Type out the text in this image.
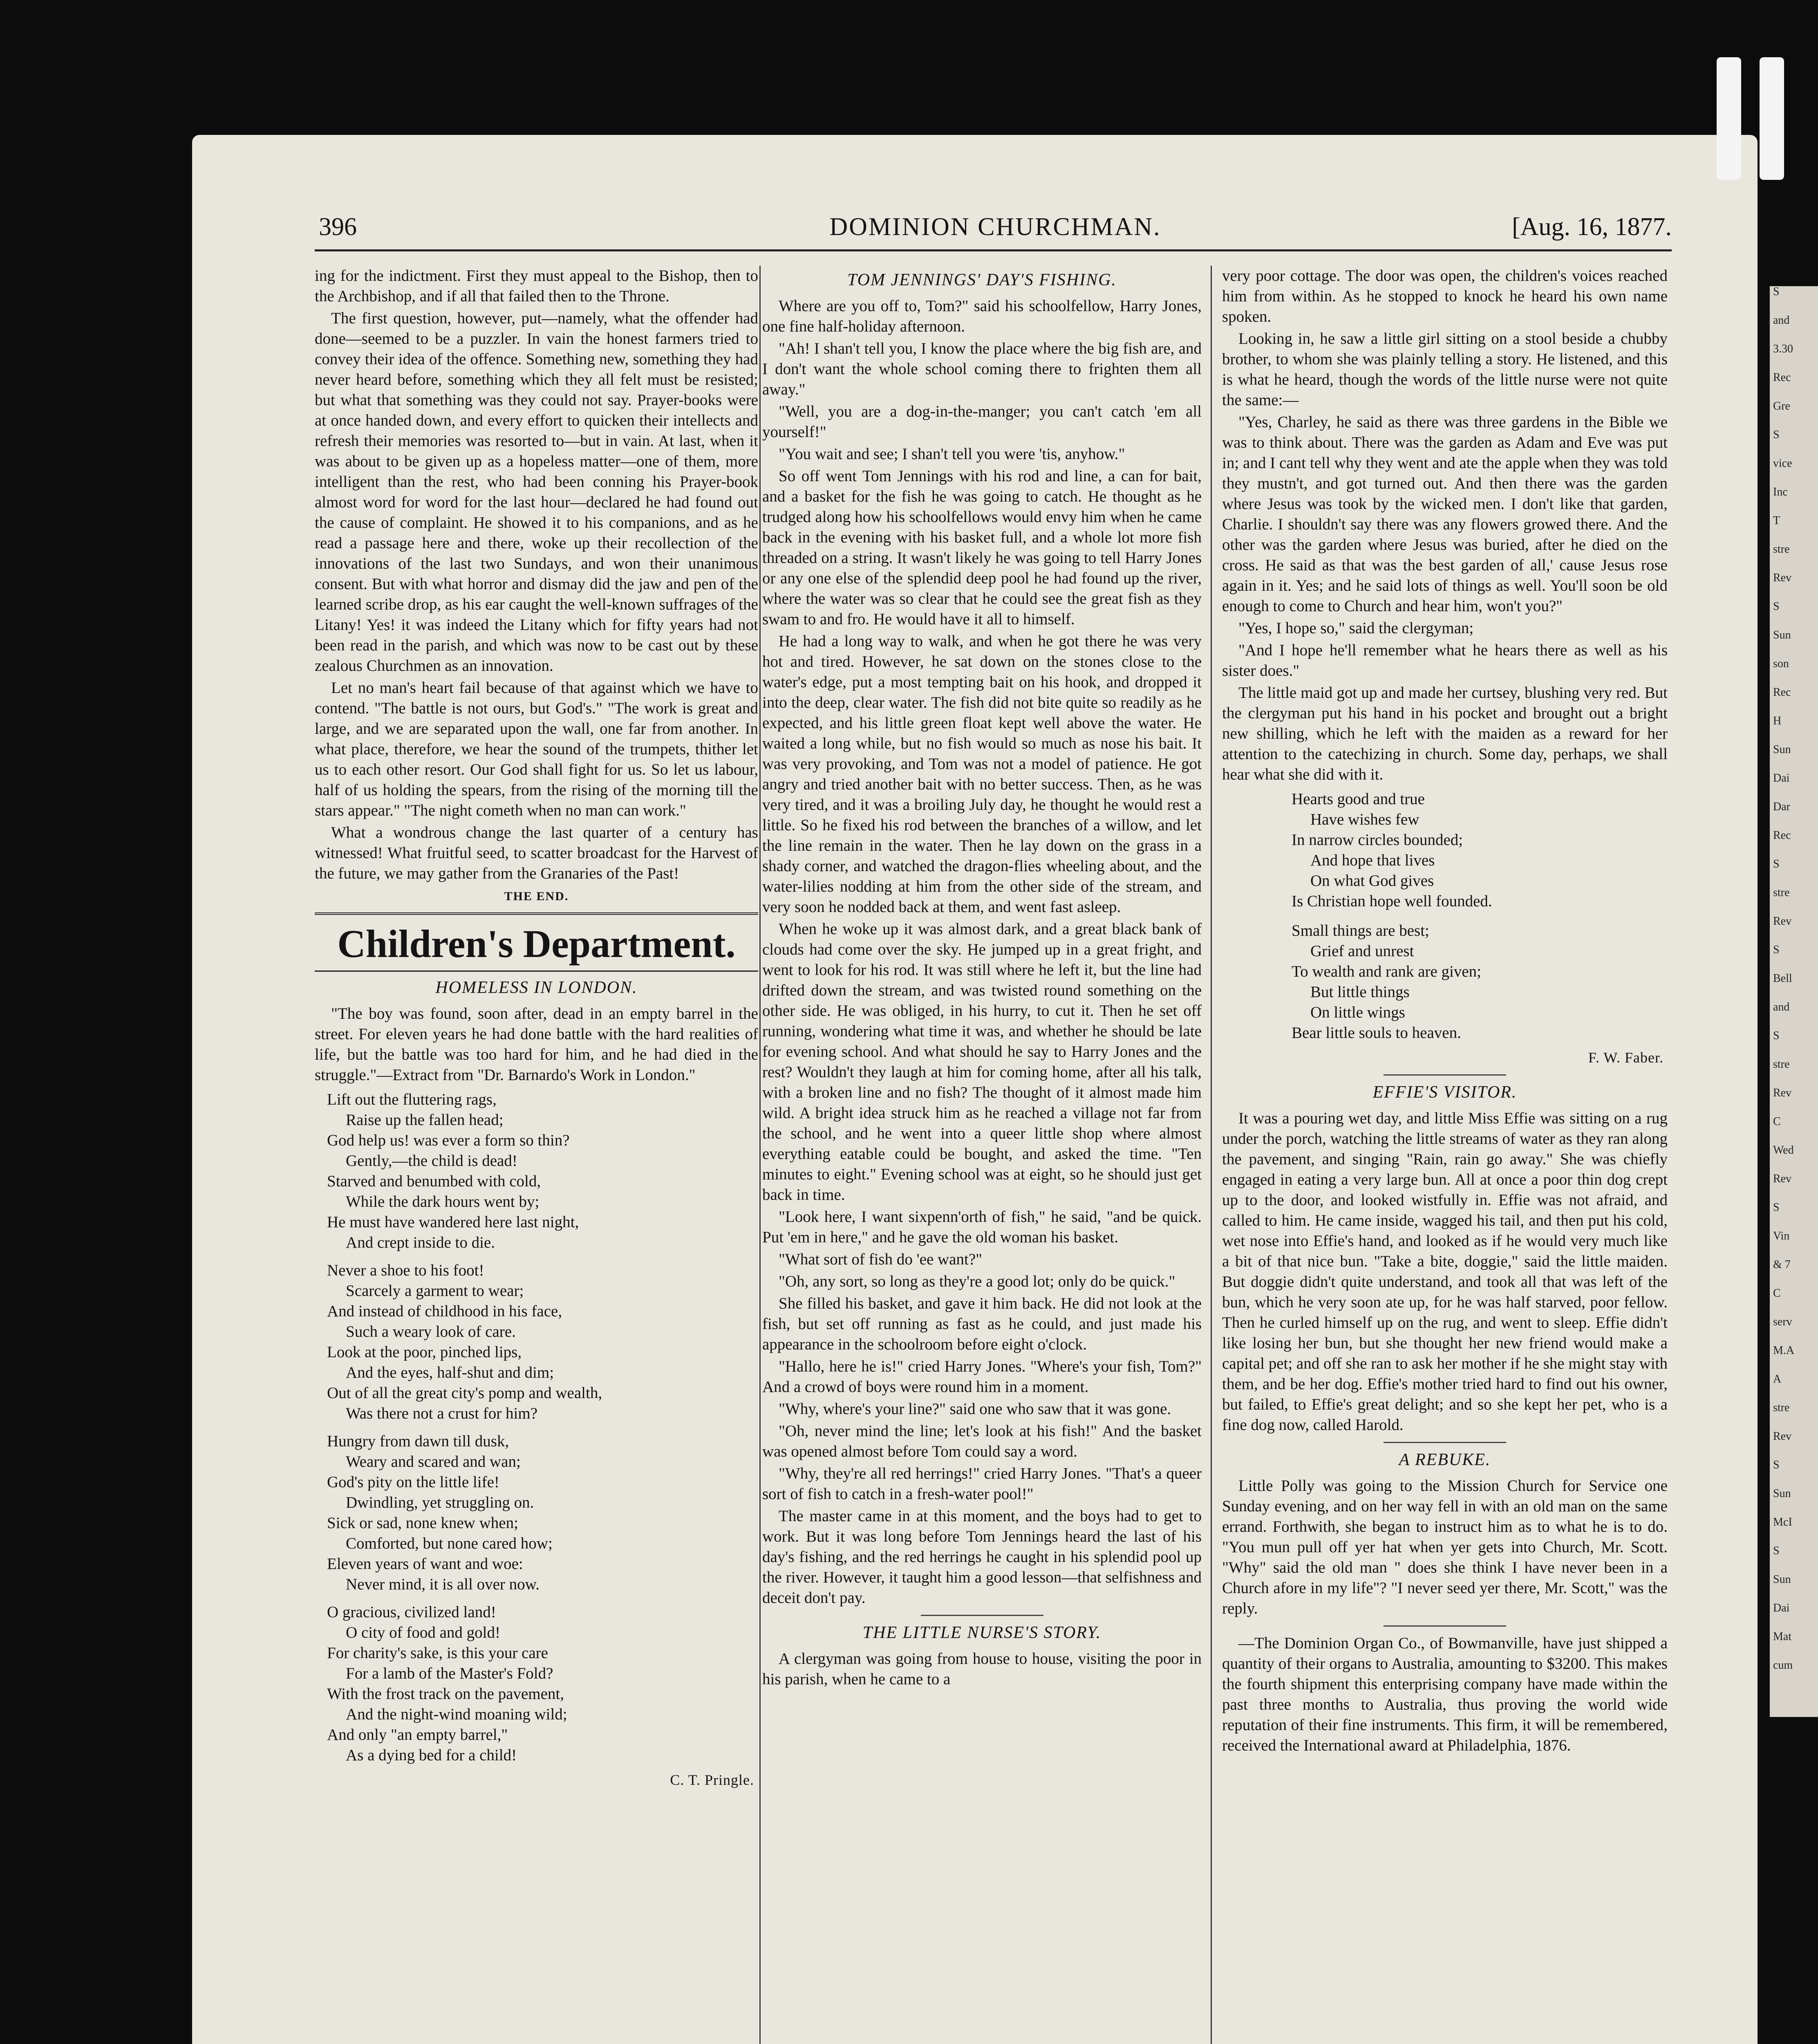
396	DOMINION CHURCHMAN.	[Aug. 16, 1877.

ing for the indictment. First they must appeal to the Bishop, then to the Archbishop, and if all that failed then to the Throne.

The first question, however, put—namely, what the offender had done—seemed to be a puzzler. In vain the honest farmers tried to convey their idea of the offence. Something new, something they had never heard before, something which they all felt must be resisted; but what that something was they could not say. Prayer-books were at once handed down, and every effort to quicken their intellects and refresh their memories was resorted to—but in vain. At last, when it was about to be given up as a hopeless matter—one of them, more intelligent than the rest, who had been conning his Prayer-book almost word for word for the last hour—declared he had found out the cause of complaint. He showed it to his companions, and as he read a passage here and there, woke up their recollection of the innovations of the last two Sundays, and won their unanimous consent. But with what horror and dismay did the jaw and pen of the learned scribe drop, as his ear caught the well-known suffrages of the Litany! Yes! it was indeed the Litany which for fifty years had not been read in the parish, and which was now to be cast out by these zealous Churchmen as an innovation.

Let no man's heart fail because of that against which we have to contend. "The battle is not ours, but God's." "The work is great and large, and we are separated upon the wall, one far from another. In what place, therefore, we hear the sound of the trumpets, thither let us to each other resort. Our God shall fight for us. So let us labour, half of us holding the spears, from the rising of the morning till the stars appear." "The night cometh when no man can work."

What a wondrous change the last quarter of a century has witnessed! What fruitful seed, to scatter broadcast for the Harvest of the future, we may gather from the Granaries of the Past!

THE END.
Children's Department.
HOMELESS IN LONDON.

"The boy was found, soon after, dead in an empty barrel in the street. For eleven years he had done battle with the hard realities of life, but the battle was too hard for him, and he had died in the struggle."—Extract from "Dr. Barnardo's Work in London."

Lift out the fluttering rags,
Raise up the fallen head;
God help us! was ever a form so thin?
Gently,—the child is dead!
Starved and benumbed with cold,
While the dark hours went by;
He must have wandered here last night,
And crept inside to die.
Never a shoe to his foot!
Scarcely a garment to wear;
And instead of childhood in his face,
Such a weary look of care.
Look at the poor, pinched lips,
And the eyes, half-shut and dim;
Out of all the great city's pomp and wealth,
Was there not a crust for him?
Hungry from dawn till dusk,
Weary and scared and wan;
God's pity on the little life!
Dwindling, yet struggling on.
Sick or sad, none knew when;
Comforted, but none cared how;
Eleven years of want and woe:
Never mind, it is all over now.
O gracious, civilized land!
O city of food and gold!
For charity's sake, is this your care
For a lamb of the Master's Fold?
With the frost track on the pavement,
And the night-wind moaning wild;
And only "an empty barrel,"
As a dying bed for a child!
C. T. Pringle.
TOM JENNINGS' DAY'S FISHING.

Where are you off to, Tom?" said his schoolfellow, Harry Jones, one fine half-holiday afternoon.

"Ah! I shan't tell you, I know the place where the big fish are, and I don't want the whole school coming there to frighten them all away."

"Well, you are a dog-in-the-manger; you can't catch 'em all yourself!"

"You wait and see; I shan't tell you were 'tis, anyhow."

So off went Tom Jennings with his rod and line, a can for bait, and a basket for the fish he was going to catch. He thought as he trudged along how his schoolfellows would envy him when he came back in the evening with his basket full, and a whole lot more fish threaded on a string. It wasn't likely he was going to tell Harry Jones or any one else of the splendid deep pool he had found up the river, where the water was so clear that he could see the great fish as they swam to and fro. He would have it all to himself.

He had a long way to walk, and when he got there he was very hot and tired. However, he sat down on the stones close to the water's edge, put a most tempting bait on his hook, and dropped it into the deep, clear water. The fish did not bite quite so readily as he expected, and his little green float kept well above the water. He waited a long while, but no fish would so much as nose his bait. It was very provoking, and Tom was not a model of patience. He got angry and tried another bait with no better success. Then, as he was very tired, and it was a broiling July day, he thought he would rest a little. So he fixed his rod between the branches of a willow, and let the line remain in the water. Then he lay down on the grass in a shady corner, and watched the dragon-flies wheeling about, and the water-lilies nodding at him from the other side of the stream, and very soon he nodded back at them, and went fast asleep.

When he woke up it was almost dark, and a great black bank of clouds had come over the sky. He jumped up in a great fright, and went to look for his rod. It was still where he left it, but the line had drifted down the stream, and was twisted round something on the other side. He was obliged, in his hurry, to cut it. Then he set off running, wondering what time it was, and whether he should be late for evening school. And what should he say to Harry Jones and the rest? Wouldn't they laugh at him for coming home, after all his talk, with a broken line and no fish? The thought of it almost made him wild. A bright idea struck him as he reached a village not far from the school, and he went into a queer little shop where almost everything eatable could be bought, and asked the time. "Ten minutes to eight." Evening school was at eight, so he should just get back in time.

"Look here, I want sixpenn'orth of fish," he said, "and be quick. Put 'em in here," and he gave the old woman his basket.

"What sort of fish do 'ee want?"

"Oh, any sort, so long as they're a good lot; only do be quick."

She filled his basket, and gave it him back. He did not look at the fish, but set off running as fast as he could, and just made his appearance in the schoolroom before eight o'clock.

"Hallo, here he is!" cried Harry Jones. "Where's your fish, Tom?" And a crowd of boys were round him in a moment.

"Why, where's your line?" said one who saw that it was gone.

"Oh, never mind the line; let's look at his fish!" And the basket was opened almost before Tom could say a word.

"Why, they're all red herrings!" cried Harry Jones. "That's a queer sort of fish to catch in a fresh-water pool!"

The master came in at this moment, and the boys had to get to work. But it was long before Tom Jennings heard the last of his day's fishing, and the red herrings he caught in his splendid pool up the river. However, it taught him a good lesson—that selfishness and deceit don't pay.

THE LITTLE NURSE'S STORY.

A clergyman was going from house to house, visiting the poor in his parish, when he came to a

very poor cottage. The door was open, the children's voices reached him from within. As he stopped to knock he heard his own name spoken.

Looking in, he saw a little girl sitting on a stool beside a chubby brother, to whom she was plainly telling a story. He listened, and this is what he heard, though the words of the little nurse were not quite the same:—

"Yes, Charley, he said as there was three gardens in the Bible we was to think about. There was the garden as Adam and Eve was put in; and I cant tell why they went and ate the apple when they was told they mustn't, and got turned out. And then there was the garden where Jesus was took by the wicked men. I don't like that garden, Charlie. I shouldn't say there was any flowers growed there. And the other was the garden where Jesus was buried, after he died on the cross. He said as that was the best garden of all,' cause Jesus rose again in it. Yes; and he said lots of things as well. You'll soon be old enough to come to Church and hear him, won't you?"

"Yes, I hope so," said the clergyman;

"And I hope he'll remember what he hears there as well as his sister does."

The little maid got up and made her curtsey, blushing very red. But the clergyman put his hand in his pocket and brought out a bright new shilling, which he left with the maiden as a reward for her attention to the catechizing in church. Some day, perhaps, we shall hear what she did with it.

Hearts good and true
Have wishes few
In narrow circles bounded;
And hope that lives
On what God gives
Is Christian hope well founded.
Small things are best;
Grief and unrest
To wealth and rank are given;
But little things
On little wings
Bear little souls to heaven.
F. W. Faber.
EFFIE'S VISITOR.

It was a pouring wet day, and little Miss Effie was sitting on a rug under the porch, watching the little streams of water as they ran along the pavement, and singing "Rain, rain go away." She was chiefly engaged in eating a very large bun. All at once a poor thin dog crept up to the door, and looked wistfully in. Effie was not afraid, and called to him. He came inside, wagged his tail, and then put his cold, wet nose into Effie's hand, and looked as if he would very much like a bit of that nice bun. "Take a bite, doggie," said the little maiden. But doggie didn't quite understand, and took all that was left of the bun, which he very soon ate up, for he was half starved, poor fellow. Then he curled himself up on the rug, and went to sleep. Effie didn't like losing her bun, but she thought her new friend would make a capital pet; and off she ran to ask her mother if he she might stay with them, and be her dog. Effie's mother tried hard to find out his owner, but failed, to Effie's great delight; and so she kept her pet, who is a fine dog now, called Harold.

A REBUKE.

Little Polly was going to the Mission Church for Service one Sunday evening, and on her way fell in with an old man on the same errand. Forthwith, she began to instruct him as to what he is to do. "You mun pull off yer hat when yer gets into Church, Mr. Scott. "Why" said the old man " does she think I have never been in a Church afore in my life"? "I never seed yer there, Mr. Scott," was the reply.

—The Dominion Organ Co., of Bowmanville, have just shipped a quantity of their organs to Australia, amounting to $3200. This makes the fourth shipment this enterprising company have made within the past three months to Australia, thus proving the world wide reputation of their fine instruments. This firm, it will be remembered, received the International award at Philadelphia, 1876.

S
and
3.30
Rec
Gre
S
vice
Inc
T
stre
Rev
S
Sun
son
Rec
H
Sun
Dai
Dar
Rec
S
stre
Rev
S
Bell
and
S
stre
Rev
C
Wed
Rev
S
Vin
& 7
C
serv
M.A
A
stre
Rev
S
Sun
McI
S
Sun
Dai
Mat
cum
